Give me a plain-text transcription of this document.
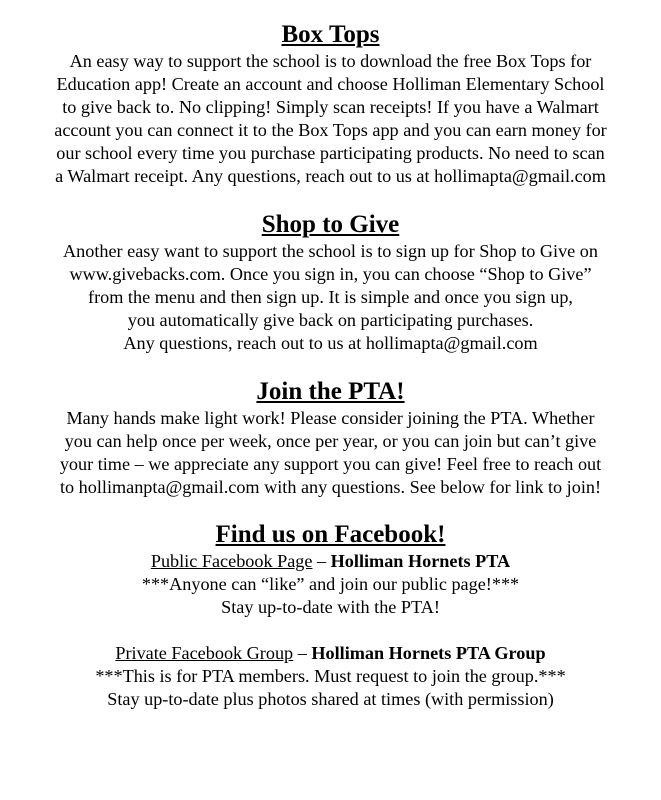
Box Tops

An easy way to support the school is to download the free Box Tops for
Education app! Create an account and choose Holliman Elementary School
to give back to. No clipping! Simply scan receipts! If you have a Walmart
account you can connect it to the Box Tops app and you can earn money for
our school every time you purchase participating products. No need to scan
a Walmart receipt. Any questions, reach out to us at hollimapta@gmail.com

Shop to Give

Another easy want to support the school is to sign up for Shop to Give on
www.givebacks.com. Once you sign in, you can choose “Shop to Give”
from the menu and then sign up. It is simple and once you sign up,
you automatically give back on participating purchases.
Any questions, reach out to us at hollimapta@gmail.com

Join the PTA!

Many hands make light work! Please consider joining the PTA. Whether
you can help once per week, once per year, or you can join but can’t give
your time – we appreciate any support you can give! Feel free to reach out
to hollimanpta@gmail.com with any questions. See below for link to join!

Find us on Facebook!

Public Facebook Page – Holliman Hornets PTA
***Anyone can “like” and join our public page!***
Stay up-to-date with the PTA!

Private Facebook Group – Holliman Hornets PTA Group
***This is for PTA members. Must request to join the group.***
Stay up-to-date plus photos shared at times (with permission)
